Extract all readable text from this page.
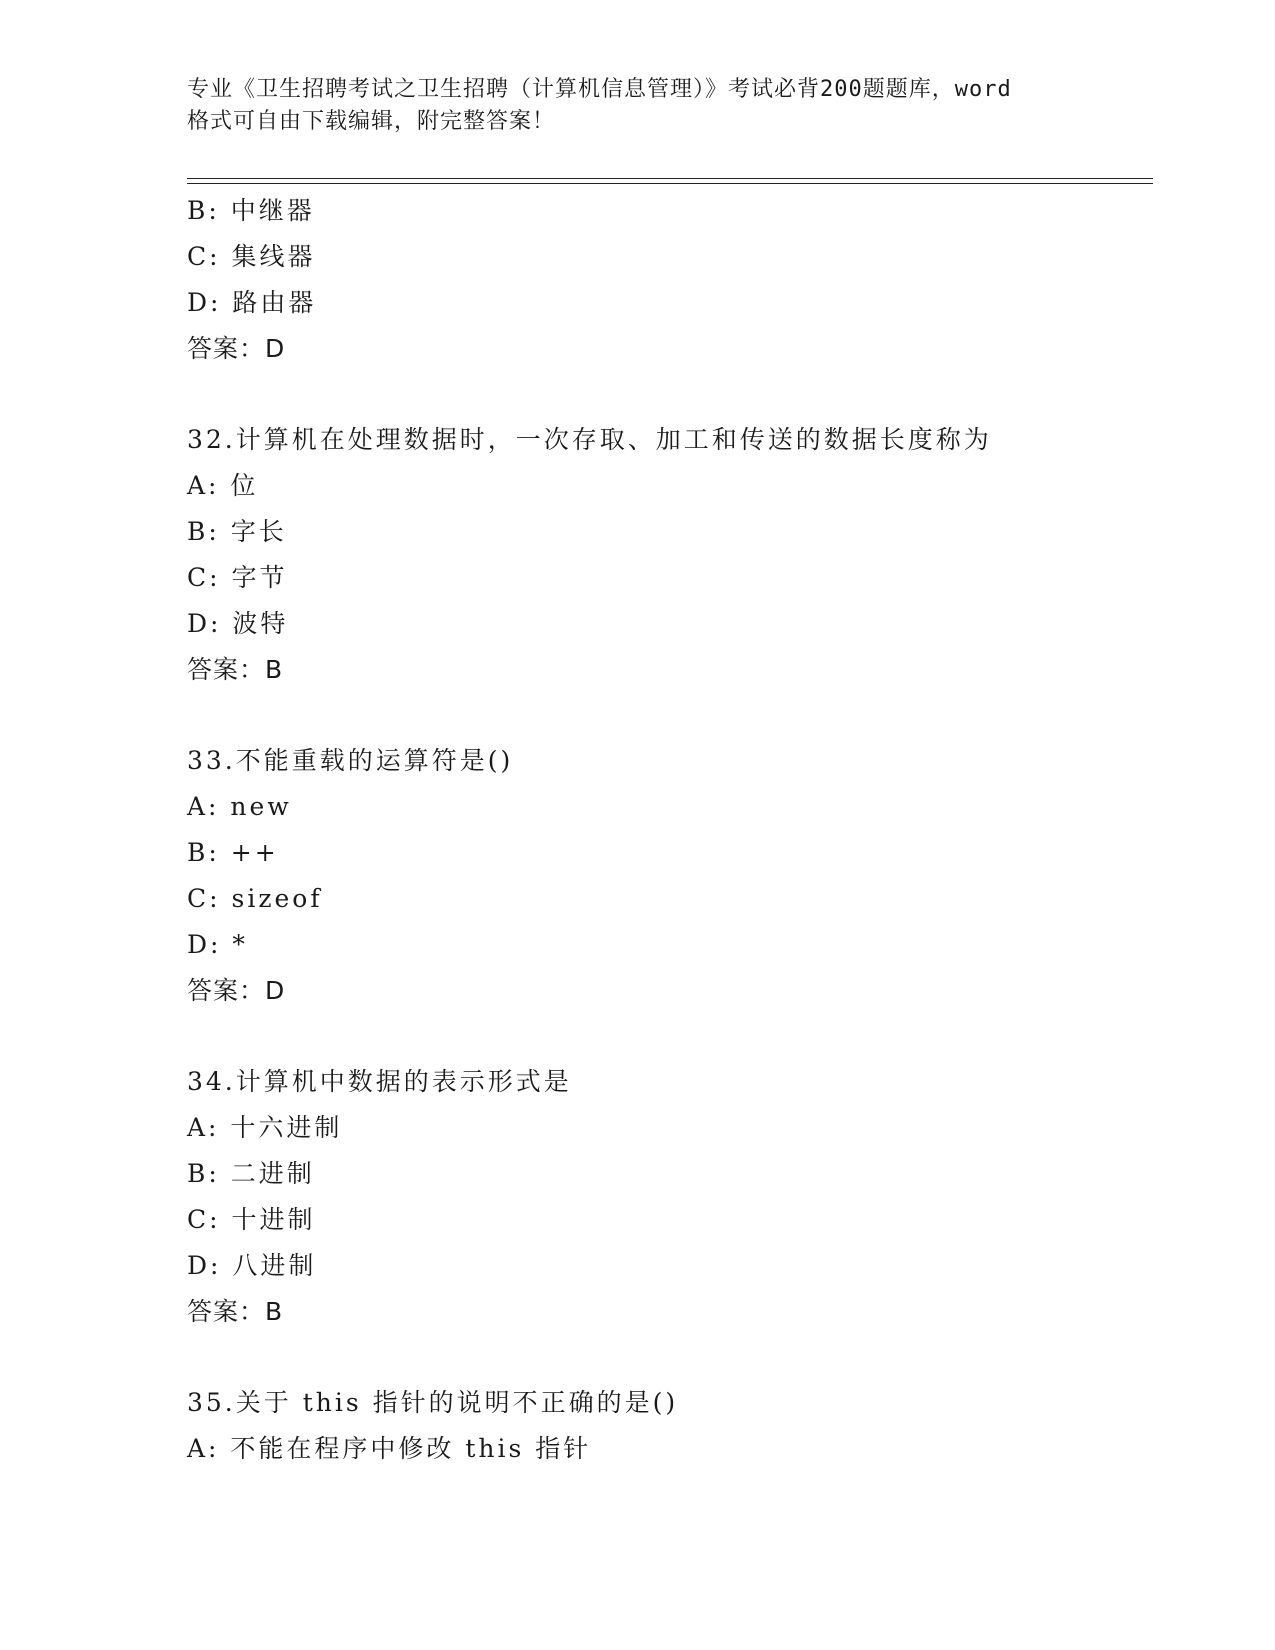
专业《卫生招聘考试之卫生招聘（计算机信息管理）》考试必背200题题库，word
格式可自由下载编辑，附完整答案！
B: 中继器
C: 集线器
D: 路由器
答案：D
32.计算机在处理数据时，一次存取、加工和传送的数据长度称为
A: 位
B: 字长
C: 字节
D: 波特
答案：B
33.不能重载的运算符是()
A: new
B: ++
C: sizeof
D: *
答案：D
34.计算机中数据的表示形式是
A: 十六进制
B: 二进制
C: 十进制
D: 八进制
答案：B
35.关于 this 指针的说明不正确的是()
A: 不能在程序中修改 this 指针
